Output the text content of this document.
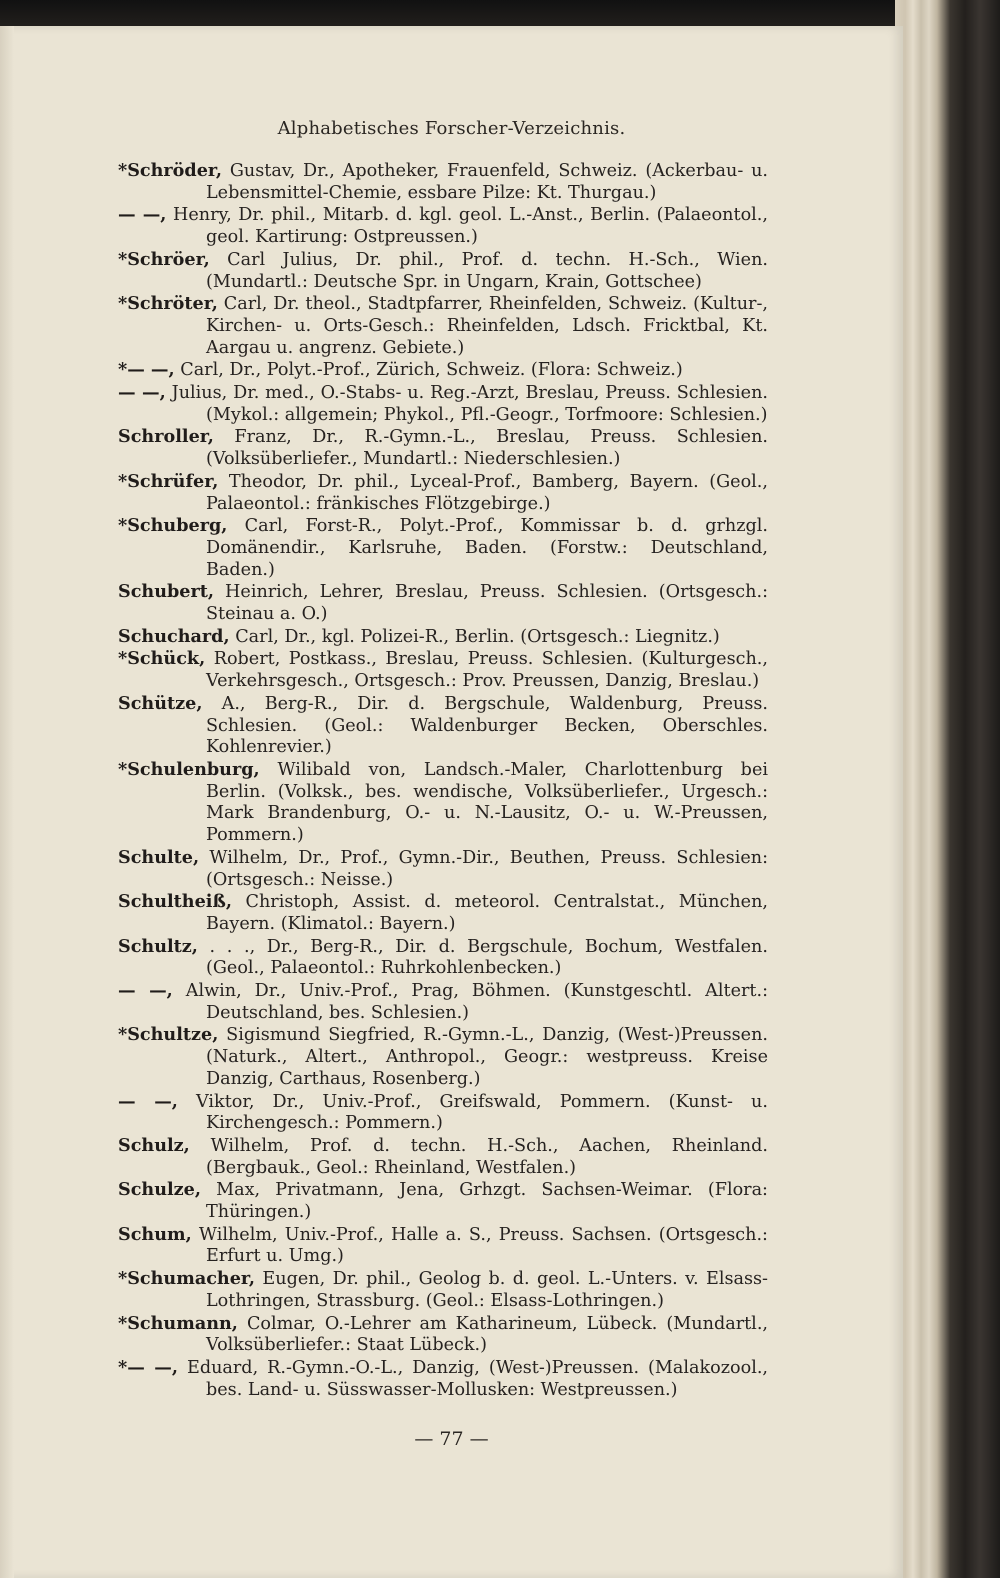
Alphabetisches Forscher-Verzeichnis.
*Schröder, Gustav, Dr., Apotheker, Frauenfeld, Schweiz. (Ackerbau- u. Lebensmittel-Chemie, essbare Pilze: Kt. Thurgau.)
— —, Henry, Dr. phil., Mitarb. d. kgl. geol. L.-Anst., Berlin. (Palaeontol., geol. Kartirung: Ostpreussen.)
*Schröer, Carl Julius, Dr. phil., Prof. d. techn. H.-Sch., Wien. (Mundartl.: Deutsche Spr. in Ungarn, Krain, Gottschee)
*Schröter, Carl, Dr. theol., Stadtpfarrer, Rheinfelden, Schweiz. (Kultur-, Kirchen- u. Orts-Gesch.: Rheinfelden, Ldsch. Fricktbal, Kt. Aargau u. angrenz. Gebiete.)
*— —, Carl, Dr., Polyt.-Prof., Zürich, Schweiz. (Flora: Schweiz.)
— —, Julius, Dr. med., O.-Stabs- u. Reg.-Arzt, Breslau, Preuss. Schlesien. (Mykol.: allgemein; Phykol., Pfl.-Geogr., Torfmoore: Schlesien.)
Schroller, Franz, Dr., R.-Gymn.-L., Breslau, Preuss. Schlesien. (Volksüberliefer., Mundartl.: Niederschlesien.)
*Schrüfer, Theodor, Dr. phil., Lyceal-Prof., Bamberg, Bayern. (Geol., Palaeontol.: fränkisches Flötzgebirge.)
*Schuberg, Carl, Forst-R., Polyt.-Prof., Kommissar b. d. grhzgl. Domänendir., Karlsruhe, Baden. (Forstw.: Deutschland, Baden.)
Schubert, Heinrich, Lehrer, Breslau, Preuss. Schlesien. (Ortsgesch.: Steinau a. O.)
Schuchard, Carl, Dr., kgl. Polizei-R., Berlin. (Ortsgesch.: Liegnitz.)
*Schück, Robert, Postkass., Breslau, Preuss. Schlesien. (Kulturgesch., Verkehrsgesch., Ortsgesch.: Prov. Preussen, Danzig, Breslau.)
Schütze, A., Berg-R., Dir. d. Bergschule, Waldenburg, Preuss. Schlesien. (Geol.: Waldenburger Becken, Oberschles. Kohlenrevier.)
*Schulenburg, Wilibald von, Landsch.-Maler, Charlottenburg bei Berlin. (Volksk., bes. wendische, Volksüberliefer., Urgesch.: Mark Brandenburg, O.- u. N.-Lausitz, O.- u. W.-Preussen, Pommern.)
Schulte, Wilhelm, Dr., Prof., Gymn.-Dir., Beuthen, Preuss. Schlesien: (Ortsgesch.: Neisse.)
Schultheiß, Christoph, Assist. d. meteorol. Centralstat., München, Bayern. (Klimatol.: Bayern.)
Schultz, . . ., Dr., Berg-R., Dir. d. Bergschule, Bochum, Westfalen. (Geol., Palaeontol.: Ruhrkohlenbecken.)
— —, Alwin, Dr., Univ.-Prof., Prag, Böhmen. (Kunstgeschtl. Altert.: Deutschland, bes. Schlesien.)
*Schultze, Sigismund Siegfried, R.-Gymn.-L., Danzig, (West-)Preussen. (Naturk., Altert., Anthropol., Geogr.: westpreuss. Kreise Danzig, Carthaus, Rosenberg.)
— —, Viktor, Dr., Univ.-Prof., Greifswald, Pommern. (Kunst- u. Kirchengesch.: Pommern.)
Schulz, Wilhelm, Prof. d. techn. H.-Sch., Aachen, Rheinland. (Bergbauk., Geol.: Rheinland, Westfalen.)
Schulze, Max, Privatmann, Jena, Grhzgt. Sachsen-Weimar. (Flora: Thüringen.)
Schum, Wilhelm, Univ.-Prof., Halle a. S., Preuss. Sachsen. (Ortsgesch.: Erfurt u. Umg.)
*Schumacher, Eugen, Dr. phil., Geolog b. d. geol. L.-Unters. v. Elsass-Lothringen, Strassburg. (Geol.: Elsass-Lothringen.)
*Schumann, Colmar, O.-Lehrer am Katharineum, Lübeck. (Mundartl., Volksüberliefer.: Staat Lübeck.)
*— —, Eduard, R.-Gymn.-O.-L., Danzig, (West-)Preussen. (Malakozool., bes. Land- u. Süsswasser-Mollusken: Westpreussen.)
— 77 —
